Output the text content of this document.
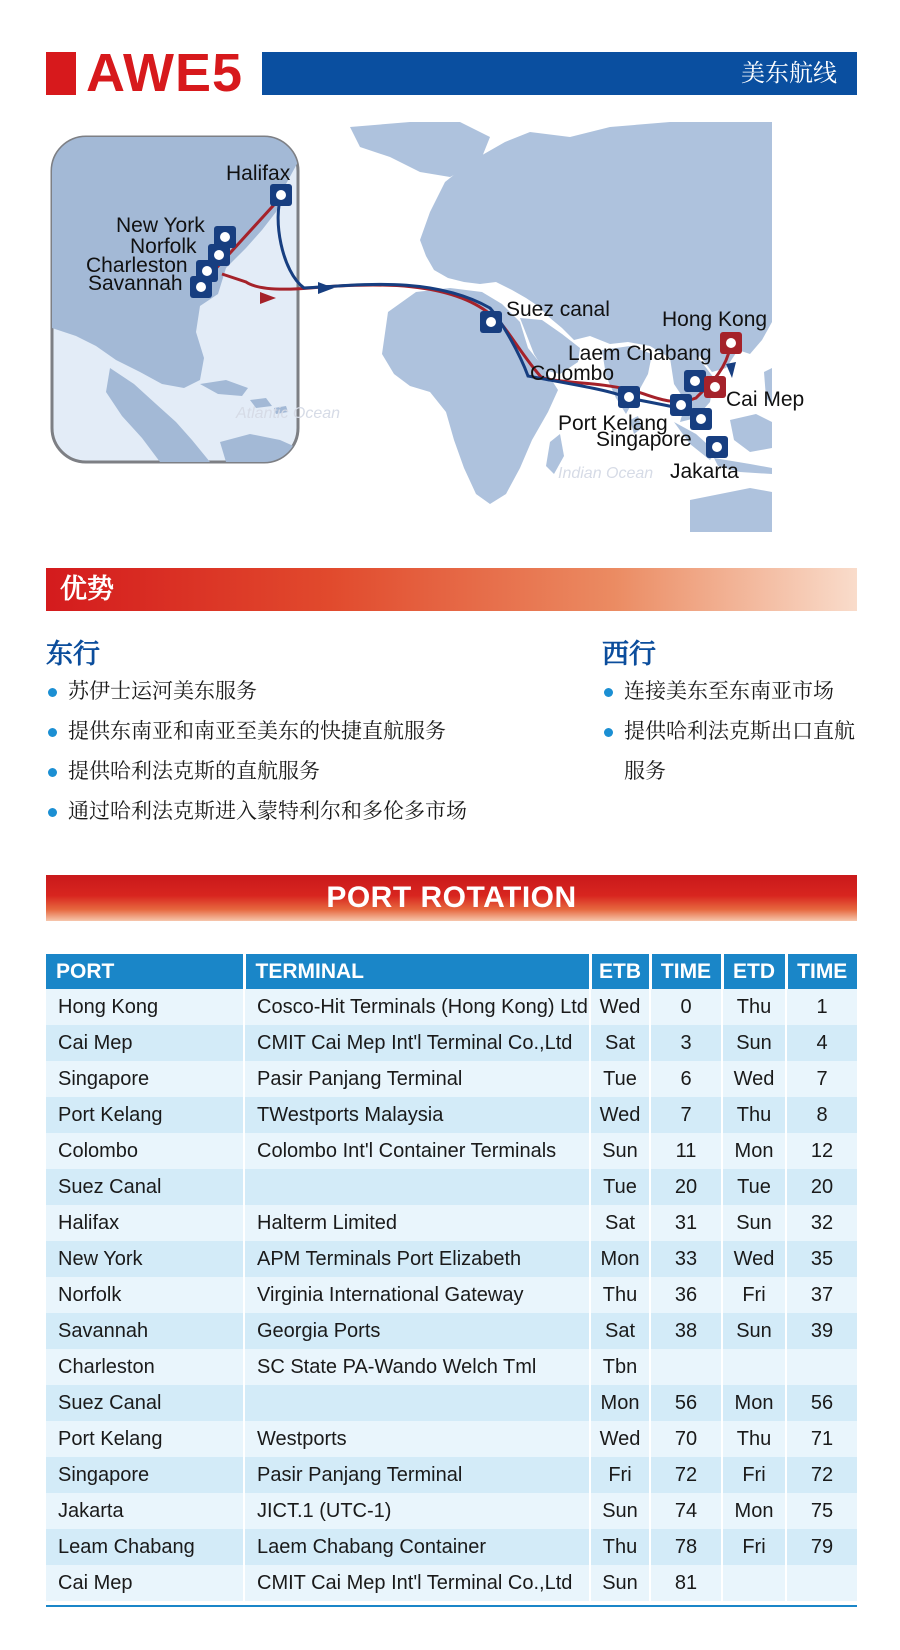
AWE5	美东航线
Halifax
New York
Norfolk
Charleston
Savannah
Suez canal Hong Kong
Laem Chabang
Colombo
Cai Mep
Port Kelang
Singapore
Jakarta
Atlantic Ocean
Indian Ocean
优势
东行
苏伊士运河美东服务
提供东南亚和南亚至美东的快捷直航服务
提供哈利法克斯的直航服务
通过哈利法克斯进入蒙特利尔和多伦多市场
西行
连接美东至东南亚市场
提供哈利法克斯出口直航服务
PORT ROTATION
PORT	TERMINAL	ETB	TIME	ETD	TIME
Hong Kong	Cosco-Hit Terminals (Hong Kong) Ltd	Wed	0	Thu	1
Cai Mep	CMIT Cai Mep Int'l Terminal Co.,Ltd	Sat	3	Sun	4
Singapore	Pasir Panjang Terminal	Tue	6	Wed	7
Port Kelang	TWestports Malaysia	Wed	7	Thu	8
Colombo	Colombo Int'l Container Terminals	Sun	11	Mon	12
Suez Canal		Tue	20	Tue	20
Halifax	Halterm Limited	Sat	31	Sun	32
New York	APM Terminals Port Elizabeth	Mon	33	Wed	35
Norfolk	Virginia International Gateway	Thu	36	Fri	37
Savannah	Georgia Ports	Sat	38	Sun	39
Charleston	SC State PA-Wando Welch Tml	Tbn			
Suez Canal		Mon	56	Mon	56
Port Kelang	Westports	Wed	70	Thu	71
Singapore	Pasir Panjang Terminal	Fri	72	Fri	72
Jakarta	JICT.1 (UTC-1)	Sun	74	Mon	75
Leam Chabang	Laem Chabang Container	Thu	78	Fri	79
Cai Mep	CMIT Cai Mep Int'l Terminal Co.,Ltd	Sun	81		
